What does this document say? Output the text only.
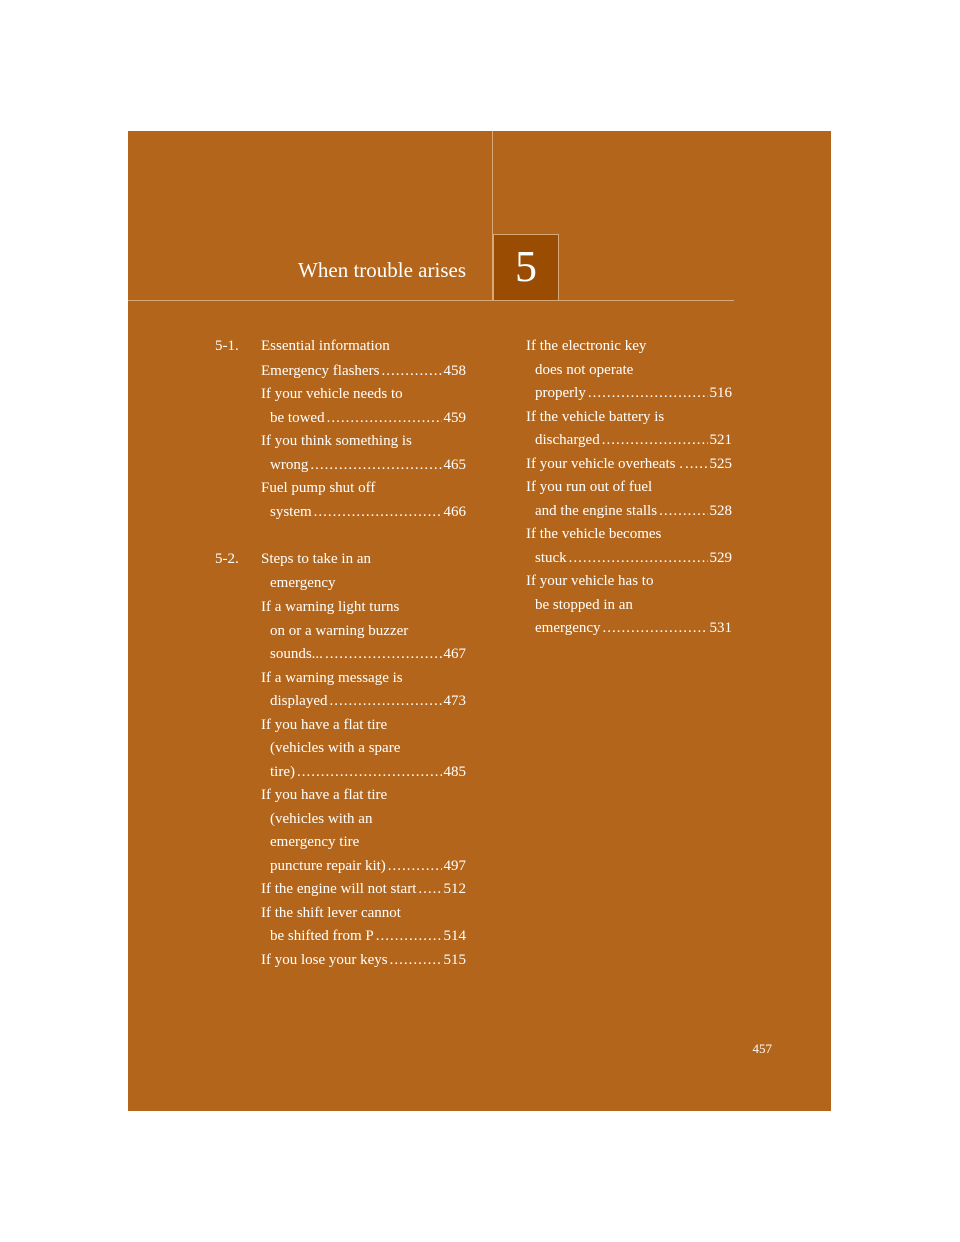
When trouble arises	5
5-1. Essential information
Emergency flashers .....	458
If your vehicle needs to
be towed .....	459
If you think something is
wrong .....	465
Fuel pump shut off
system .....	466
5-2. Steps to take in an
emergency
If a warning light turns
on or a warning buzzer
sounds... .....	467
If a warning message is
displayed .....	473
If you have a flat tire
(vehicles with a spare
tire) .....	485
If you have a flat tire
(vehicles with an
emergency tire
puncture repair kit) .....	497
If the engine will not start ..... 512
If the shift lever cannot
be shifted from P .....	514
If you lose your keys .....	515
If the electronic key
does not operate
properly .....	516
If the vehicle battery is
discharged .....	521
If your vehicle overheats . ..... 525
If you run out of fuel
and the engine stalls .....	528
If the vehicle becomes
stuck .....	529
If your vehicle has to
be stopped in an
emergency .....	531
457
